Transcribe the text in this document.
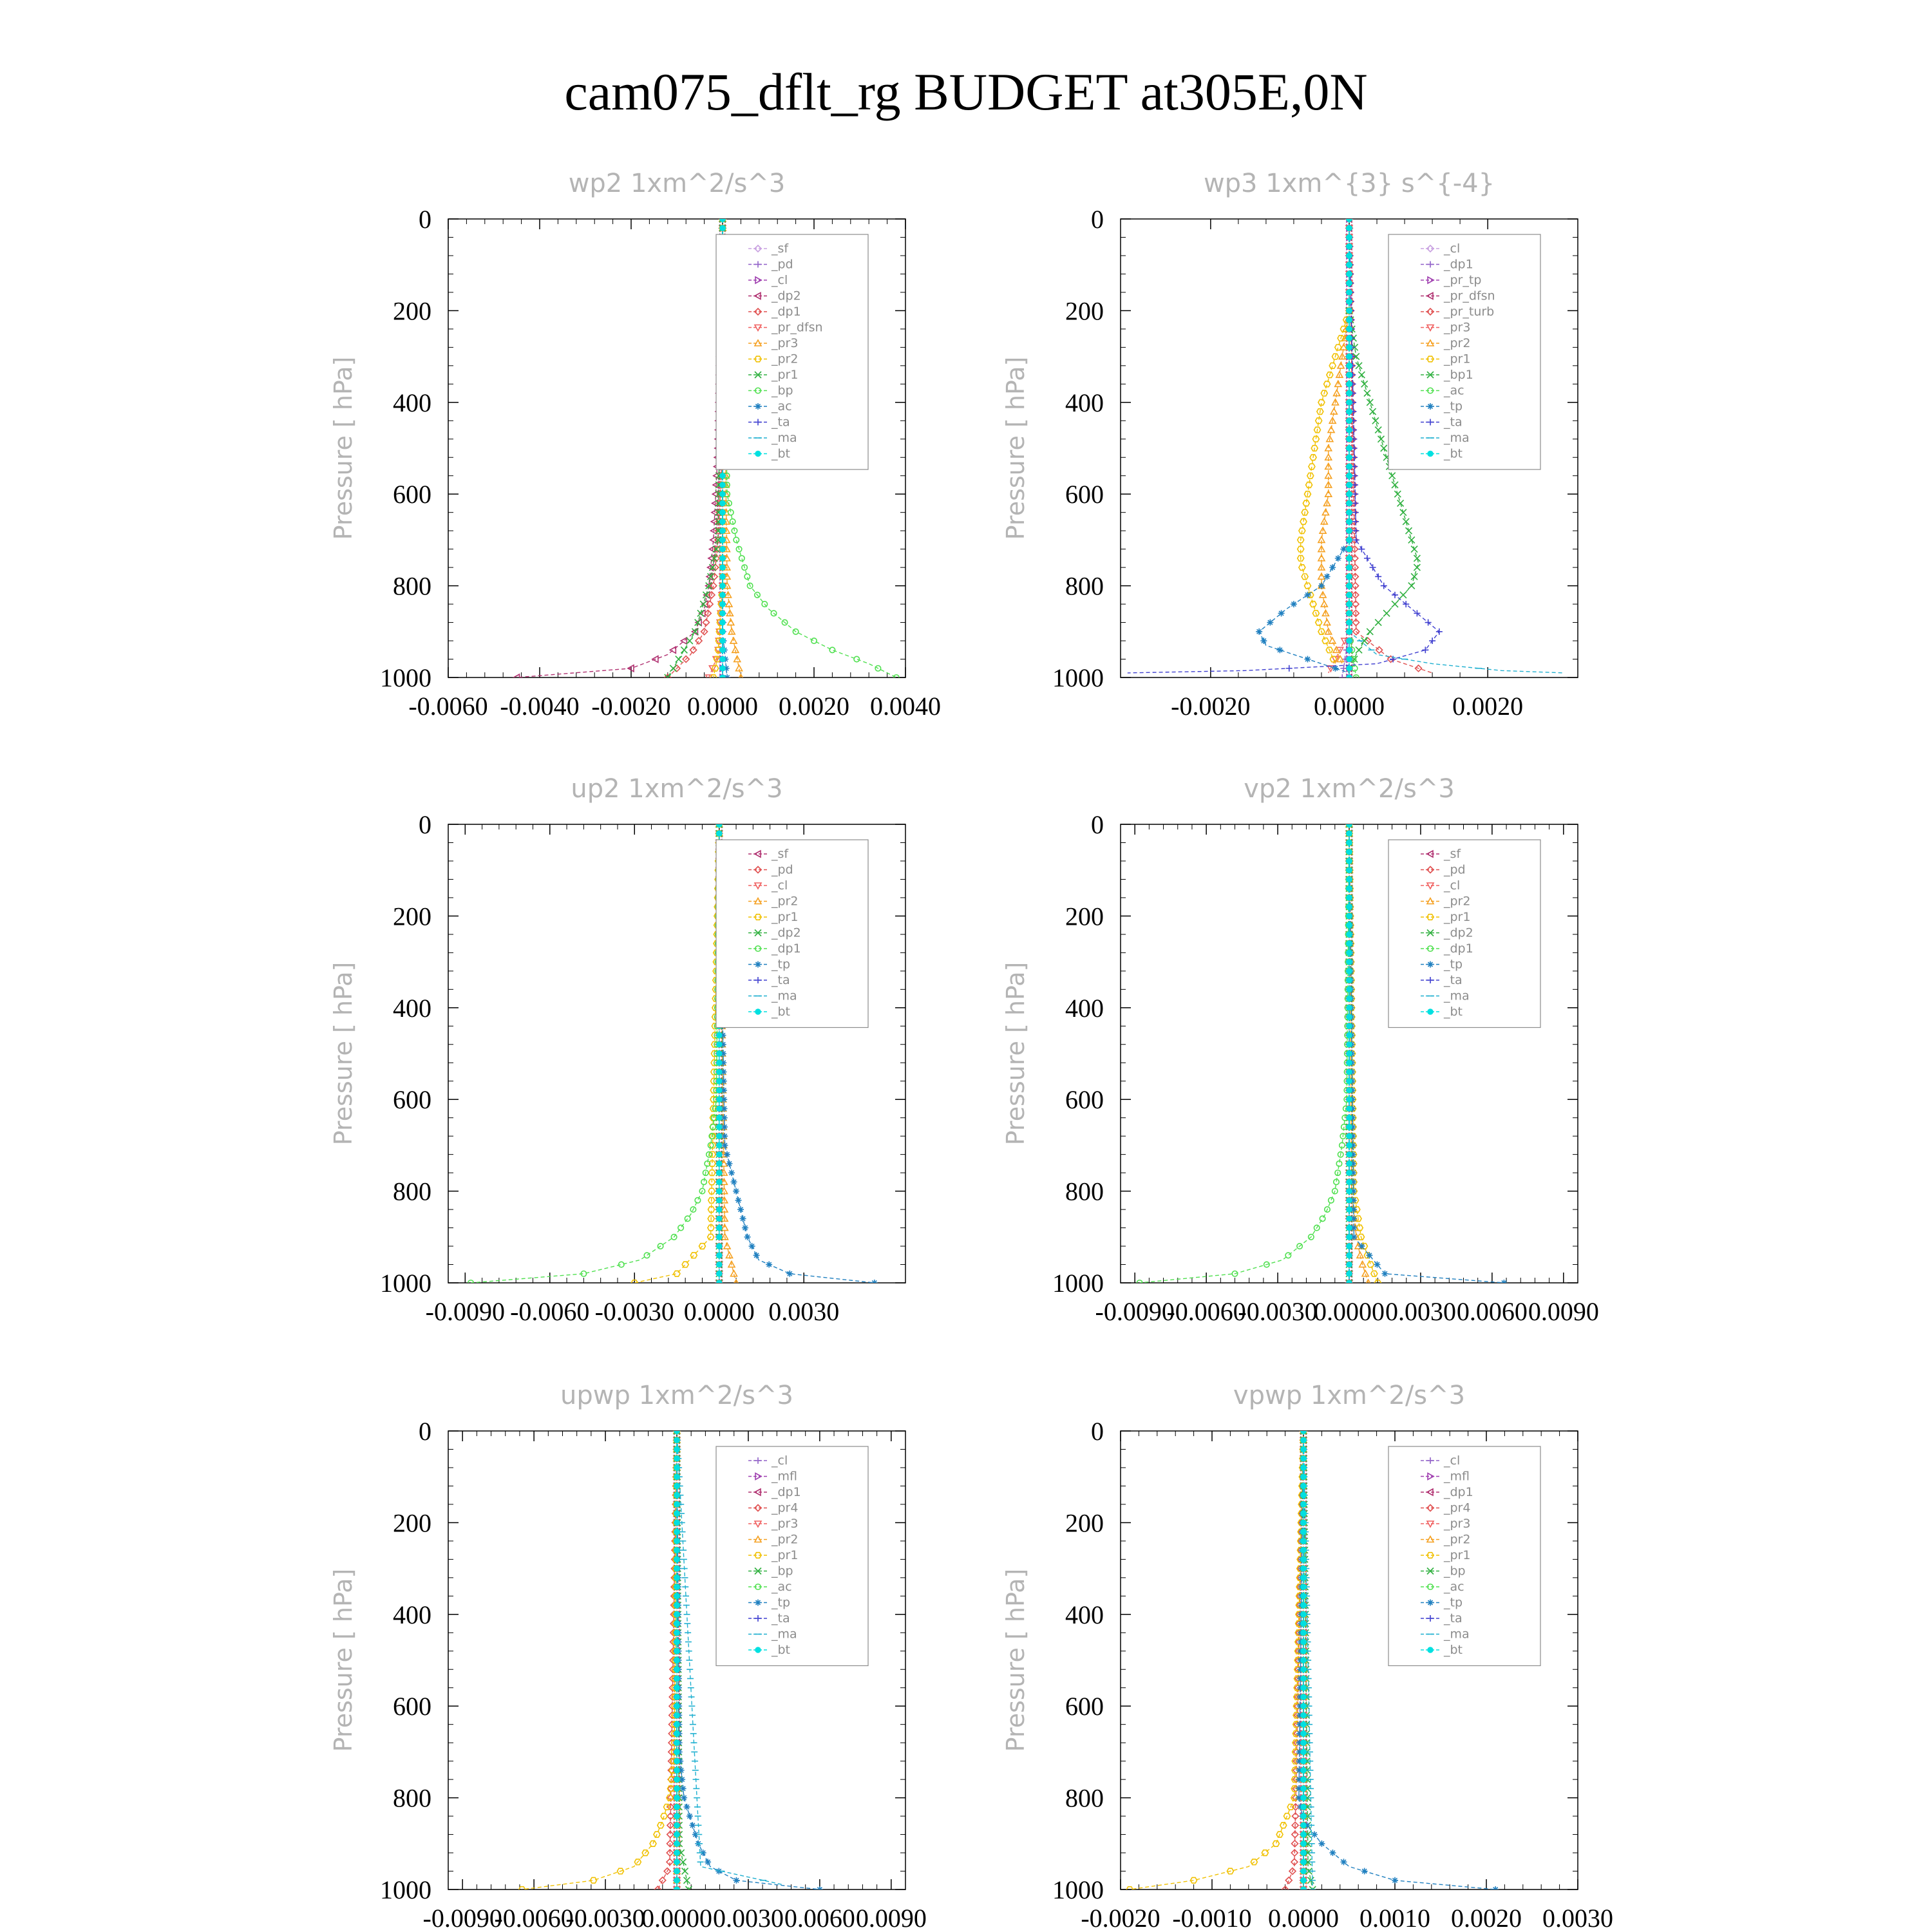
cam075_dflt_rg BUDGET at305E,0N
wp2 1xm^2/s^3
Pressure [ hPa]
0
200
400
600
800
1000
-0.0060 -0.0040 -0.0020 0.0000 0.0020 0.0040
_sf
_pd
_cl
_dp2
_dp1
_pr_dfsn
_pr3
_pr2
_pr1
_bp
_ac
_ta
_ma
_bt
wp3 1xm^{3} s^{-4}
Pressure [ hPa]
0
200
400
600
800
1000
-0.0020 0.0000	0.0020
_cl
_dp1
_pr_tp
_pr_dfsn
_pr_turb
_pr3
_pr2
_pr1
_bp1
_ac
_tp
_ta
_ma
_bt
up2 1xm^2/s^3
Pressure [ hPa]
0
200
400
600
800
1000
-0.0090 -0.0060 -0.0030 0.0000 0.0030
_sf
_pd
_cl
_pr2
_pr1
_dp2
_dp1
_tp
_ta
_ma
_bt
vp2 1xm^2/s^3
Pressure [ hPa]
0
200
400
600
800
1000
-0.0090
-0.0060
-0.0030
0.0000 0.0030 0.0060 0.0090
_sf
_pd
_cl
_pr2
_pr1
_dp2
_dp1
_tp
_ta
_ma
_bt
upwp 1xm^2/s^3
Pressure [ hPa]
0
200
400
600
800
1000
-0.0090
-0.0060
-0.0030
0.0000 0.0030 0.0060 0.0090
_cl
_mfl
_dp1
_pr4
_pr3
_pr2
_pr1
_bp
_ac
_tp
_ta
_ma
_bt
vpwp 1xm^2/s^3
Pressure [ hPa]
0
200
400
600
800
1000
-0.0020 -0.0010 0.0000 0.0010 0.0020 0.0030
_cl
_mfl
_dp1
_pr4
_pr3
_pr2
_pr1
_bp
_ac
_tp
_ta
_ma
_bt
